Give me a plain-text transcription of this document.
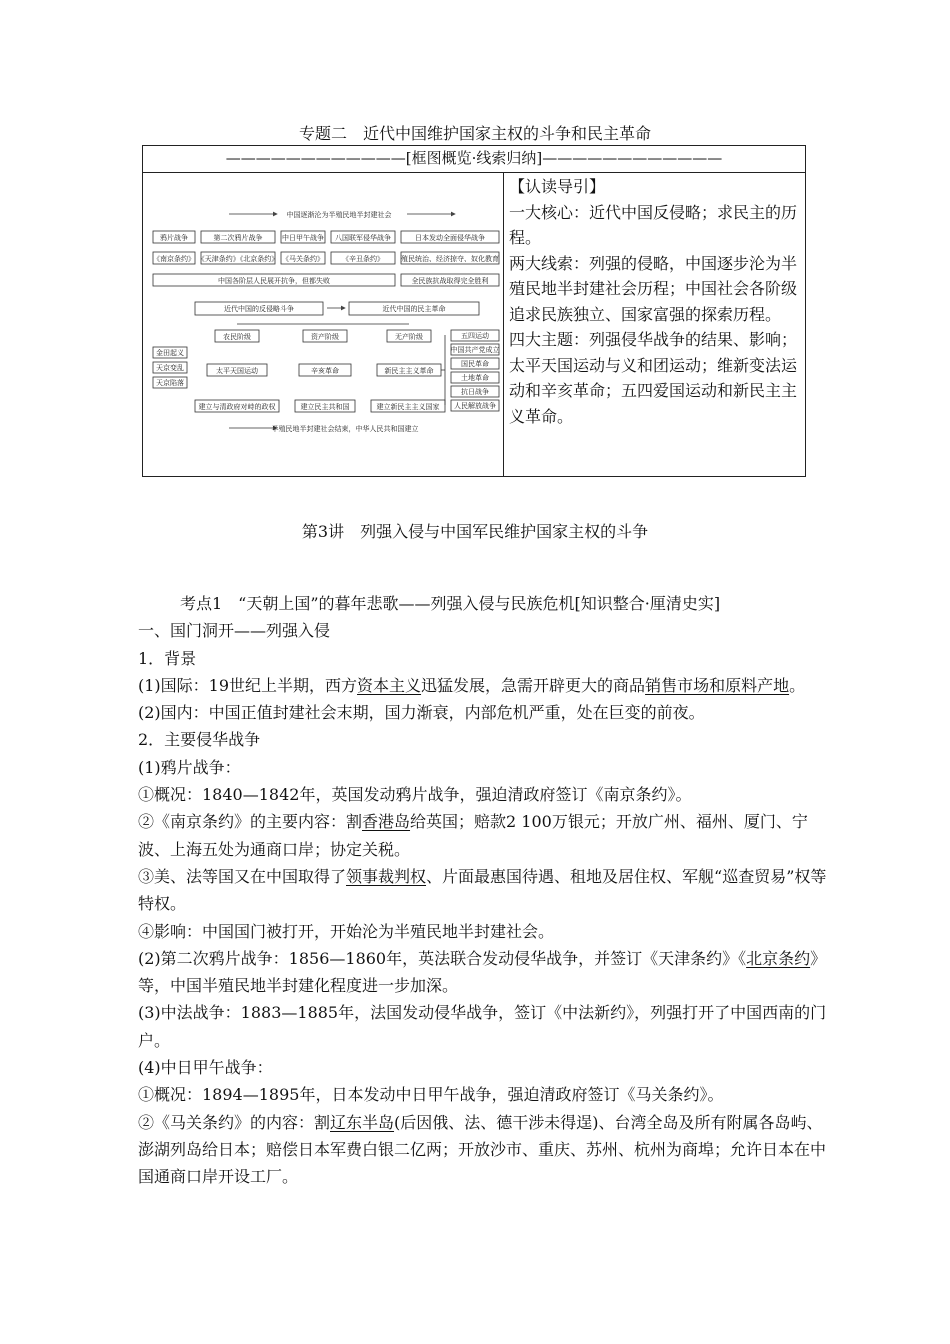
专题二　近代中国维护国家主权的斗争和民主革命
————————————[框图概览·线索归纳]————————————
中国逐渐沦为半殖民地半封建社会
鸦片战争	第二次鸦片战争	中日甲午战争 八国联军侵华战争	日本发动全面侵华战争
《南京条约》 《天津条约》《北京条约》 《马关条约》	《辛丑条约》 殖民统治、经济掠夺、奴化教育
中国各阶层人民展开抗争，但都失败	全民族抗战取得完全胜利
近代中国的反侵略斗争	近代中国的民主革命
农民阶级	资产阶级	无产阶级
金田起义
天京变乱
天京陷落
太平天国运动	辛亥革命	新民主主义革命
五四运动
中国共产党成立
国民革命
土地革命
抗日战争
人民解放战争
建立与清政府对峙的政权	建立民主共和国	建立新民主主义国家
半殖民地半封建社会结束，中华人民共和国建立

【认读导引】

一大核心：近代中国反侵略；求民主的历程。

两大线索：列强的侵略，中国逐步沦为半殖民地半封建社会历程；中国社会各阶级追求民族独立、国家富强的探索历程。

四大主题：列强侵华战争的结果、影响；太平天国运动与义和团运动；维新变法运动和辛亥革命；五四爱国运动和新民主主义革命。

第3讲　列强入侵与中国军民维护国家主权的斗争

考点1　“天朝上国”的暮年悲歌——列强入侵与民族危机[知识整合·厘清史实]

一、国门洞开——列强入侵

1．背景

(1)国际：19世纪上半期，西方资本主义迅猛发展，急需开辟更大的商品销售市场和原料产地。

(2)国内：中国正值封建社会末期，国力渐衰，内部危机严重，处在巨变的前夜。

2．主要侵华战争

(1)鸦片战争：

①概况：1840—1842年，英国发动鸦片战争，强迫清政府签订《南京条约》。

②《南京条约》的主要内容：割香港岛给英国；赔款2 100万银元；开放广州、福州、厦门、宁波、上海五处为通商口岸；协定关税。

③美、法等国又在中国取得了领事裁判权、片面最惠国待遇、租地及居住权、军舰“巡查贸易”权等特权。

④影响：中国国门被打开，开始沦为半殖民地半封建社会。

(2)第二次鸦片战争：1856—1860年，英法联合发动侵华战争，并签订《天津条约》《北京条约》等，中国半殖民地半封建化程度进一步加深。

(3)中法战争：1883—1885年，法国发动侵华战争，签订《中法新约》，列强打开了中国西南的门户。

(4)中日甲午战争：

①概况：1894—1895年，日本发动中日甲午战争，强迫清政府签订《马关条约》。

②《马关条约》的内容：割辽东半岛(后因俄、法、德干涉未得逞)、台湾全岛及所有附属各岛屿、澎湖列岛给日本；赔偿日本军费白银二亿两；开放沙市、重庆、苏州、杭州为商埠；允许日本在中国通商口岸开设工厂。
